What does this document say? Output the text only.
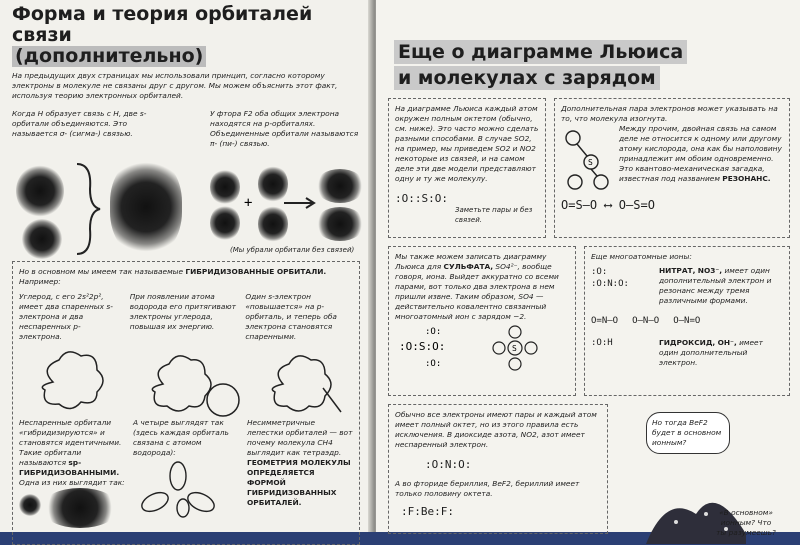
Форма и теория орбиталей связи
(дополнительно)
На предыдущих двух страницах мы использовали принцип, согласно которому электроны в молекуле не связаны друг с другом. Мы можем объяснить этот факт, используя теорию электронных орбиталей.
Когда H образует связь с H, две s-орбитали объединяются. Это называется σ- (сигма-) связью.
У фтора F2 оба общих электрона находятся на p-орбиталях. Объединенные орбитали называются π- (пи-) связью.
+
(Мы убрали орбитали без связей)
Но в основном мы имеем так называемые ГИБРИДИЗОВАННЫЕ ОРБИТАЛИ. Например:
Углерод, с его 2s²2p², имеет два спаренных s-электрона и два неспаренных p-электрона.
При появлении атома водорода его притягивают электроны углерода, повышая их энергию.
Один s-электрон «повышается» на p-орбиталь, и теперь оба электрона становятся спаренными.
Неспаренные орбитали «гибридизируются» и становятся идентичными. Такие орбитали называются sp-ГИБРИДИЗОВАННЫМИ. Одна из них выглядит так:
А четыре выглядят так (здесь каждая орбиталь связана с атомом водорода):
Несимметричные лепестки орбиталей — вот почему молекула CH4 выглядит как тетраэдр.
ГЕОМЕТРИЯ МОЛЕКУЛЫ ОПРЕДЕЛЯЕТСЯ ФОРМОЙ ГИБРИДИЗОВАННЫХ ОРБИТАЛЕЙ.
Еще о диаграмме Льюиса
и молекулах с зарядом
На диаграмме Льюиса каждый атом окружен полным октетом (обычно, см. ниже). Это часто можно сделать разными способами. В случае SO2, на пример, мы приведем SO2 и NO2 некоторые из связей, и на самом деле эти две модели представляют одну и ту же молекулу.
:O::S:O:
Заметьте пары и без связей.
Дополнительная пара электронов может указывать на то, что молекула изогнута.
S
Между прочим, двойная связь на самом деле не относится к одному или другому атому кислорода, она как бы наполовину принадлежит им обоим одновременно. Это квантово-механическая загадка, известная под названием РЕЗОНАНС.
O=S—O ⟷ O—S=O
Мы также можем записать диаграмму Льюиса для СУЛЬФАТА, SO4²⁻, вообще говоря, иона. Выйдет аккуратно со всеми парами, вот только два электрона в нем пришли извне. Таким образом, SO4 — действительно ковалентно связанный многоатомный ион с зарядом −2.
:O:S:O:
:O:
:O:
S
Еще многоатомные ионы:
:O:
:O:N:O:
НИТРАТ, NO3⁻, имеет один дополнительный электрон и резонанс между тремя различными формами.
O=N—O O—N—O O—N=O
:O:H	ГИДРОКСИД, OH⁻, имеет один дополнительный электрон.
Обычно все электроны имеют пары и каждый атом имеет полный октет, но из этого правила есть исключения. В диоксиде азота, NO2, азот имеет неспаренный электрон.
:O:N:O:
А во фториде бериллия, BeF2, бериллий имеет только половину октета.
:F:Be:F:
Но тогда BeF2 будет в основном ионным?
«В основном» ионным? Что ты разумеешь?
